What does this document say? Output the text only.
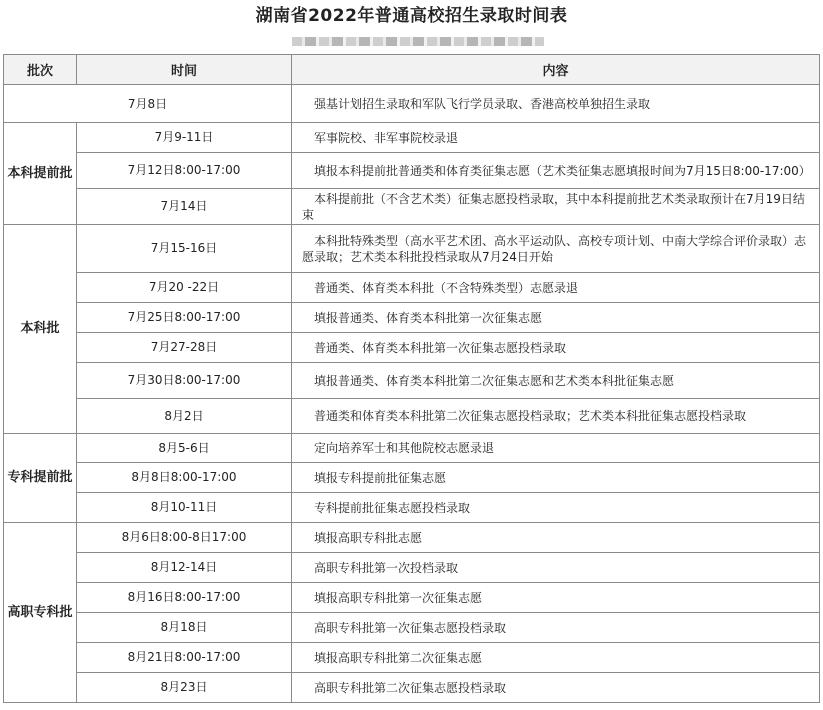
湖南省2022年普通高校招生录取时间表
批次	时间	内容
7月8日		强基计划招生录取和军队飞行学员录取、香港高校单独招生录取
本科提前批	7月9-11日	军事院校、非军事院校录退
	7月12日8:00-17:00	填报本科提前批普通类和体育类征集志愿（艺术类征集志愿填报时间为7月15日8:00-17:00）
	7月14日	本科提前批（不含艺术类）征集志愿投档录取，其中本科提前批艺术类录取预计在7月19日结束
本科批	7月15-16日	本科批特殊类型（高水平艺术团、高水平运动队、高校专项计划、中南大学综合评价录取）志愿录取；艺术类本科批投档录取从7月24日开始
	7月20 -22日	普通类、体育类本科批（不含特殊类型）志愿录退
	7月25日8:00-17:00	填报普通类、体育类本科批第一次征集志愿
	7月27-28日	普通类、体育类本科批第一次征集志愿投档录取
	7月30日8:00-17:00	填报普通类、体育类本科批第二次征集志愿和艺术类本科批征集志愿
	8月2日	普通类和体育类本科批第二次征集志愿投档录取；艺术类本科批征集志愿投档录取
专科提前批	8月5-6日	定向培养军士和其他院校志愿录退
	8月8日8:00-17:00	填报专科提前批征集志愿
	8月10-11日	专科提前批征集志愿投档录取
高职专科批	8月6日8:00-8日17:00	填报高职专科批志愿
	8月12-14日	高职专科批第一次投档录取
	8月16日8:00-17:00	填报高职专科批第一次征集志愿
	8月18日	高职专科批第一次征集志愿投档录取
	8月21日8:00-17:00	填报高职专科批第二次征集志愿
	8月23日	高职专科批第二次征集志愿投档录取
